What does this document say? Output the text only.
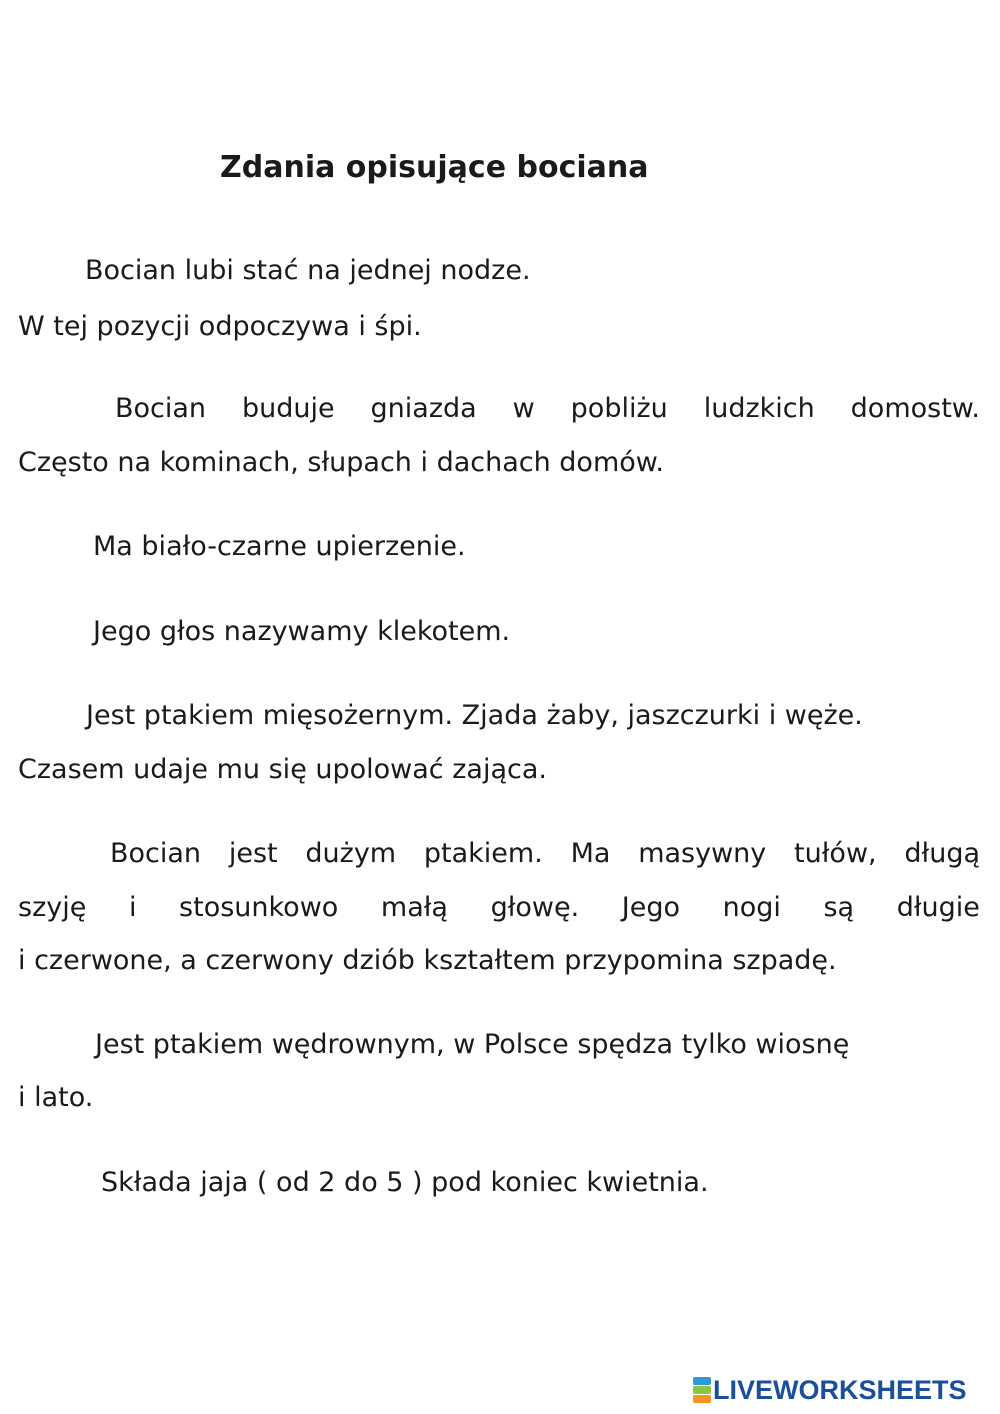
Zdania opisujące bociana
Bocian lubi stać na jednej nodze.
W tej pozycji odpoczywa i śpi.
Bocian buduje gniazda w pobliżu ludzkich domostw.
Często na kominach, słupach i dachach domów.
Ma biało-czarne upierzenie.
Jego głos nazywamy klekotem.
Jest ptakiem mięsożernym. Zjada żaby, jaszczurki i węże.
Czasem udaje mu się upolować zająca.
Bocian jest dużym ptakiem. Ma masywny tułów, długą
szyję i stosunkowo małą głowę. Jego nogi są długie
i czerwone, a czerwony dziób kształtem przypomina szpadę.
Jest ptakiem wędrownym, w Polsce spędza tylko wiosnę
i lato.
Składa jaja ( od 2 do 5 ) pod koniec kwietnia.
LIVEWORKSHEETS
